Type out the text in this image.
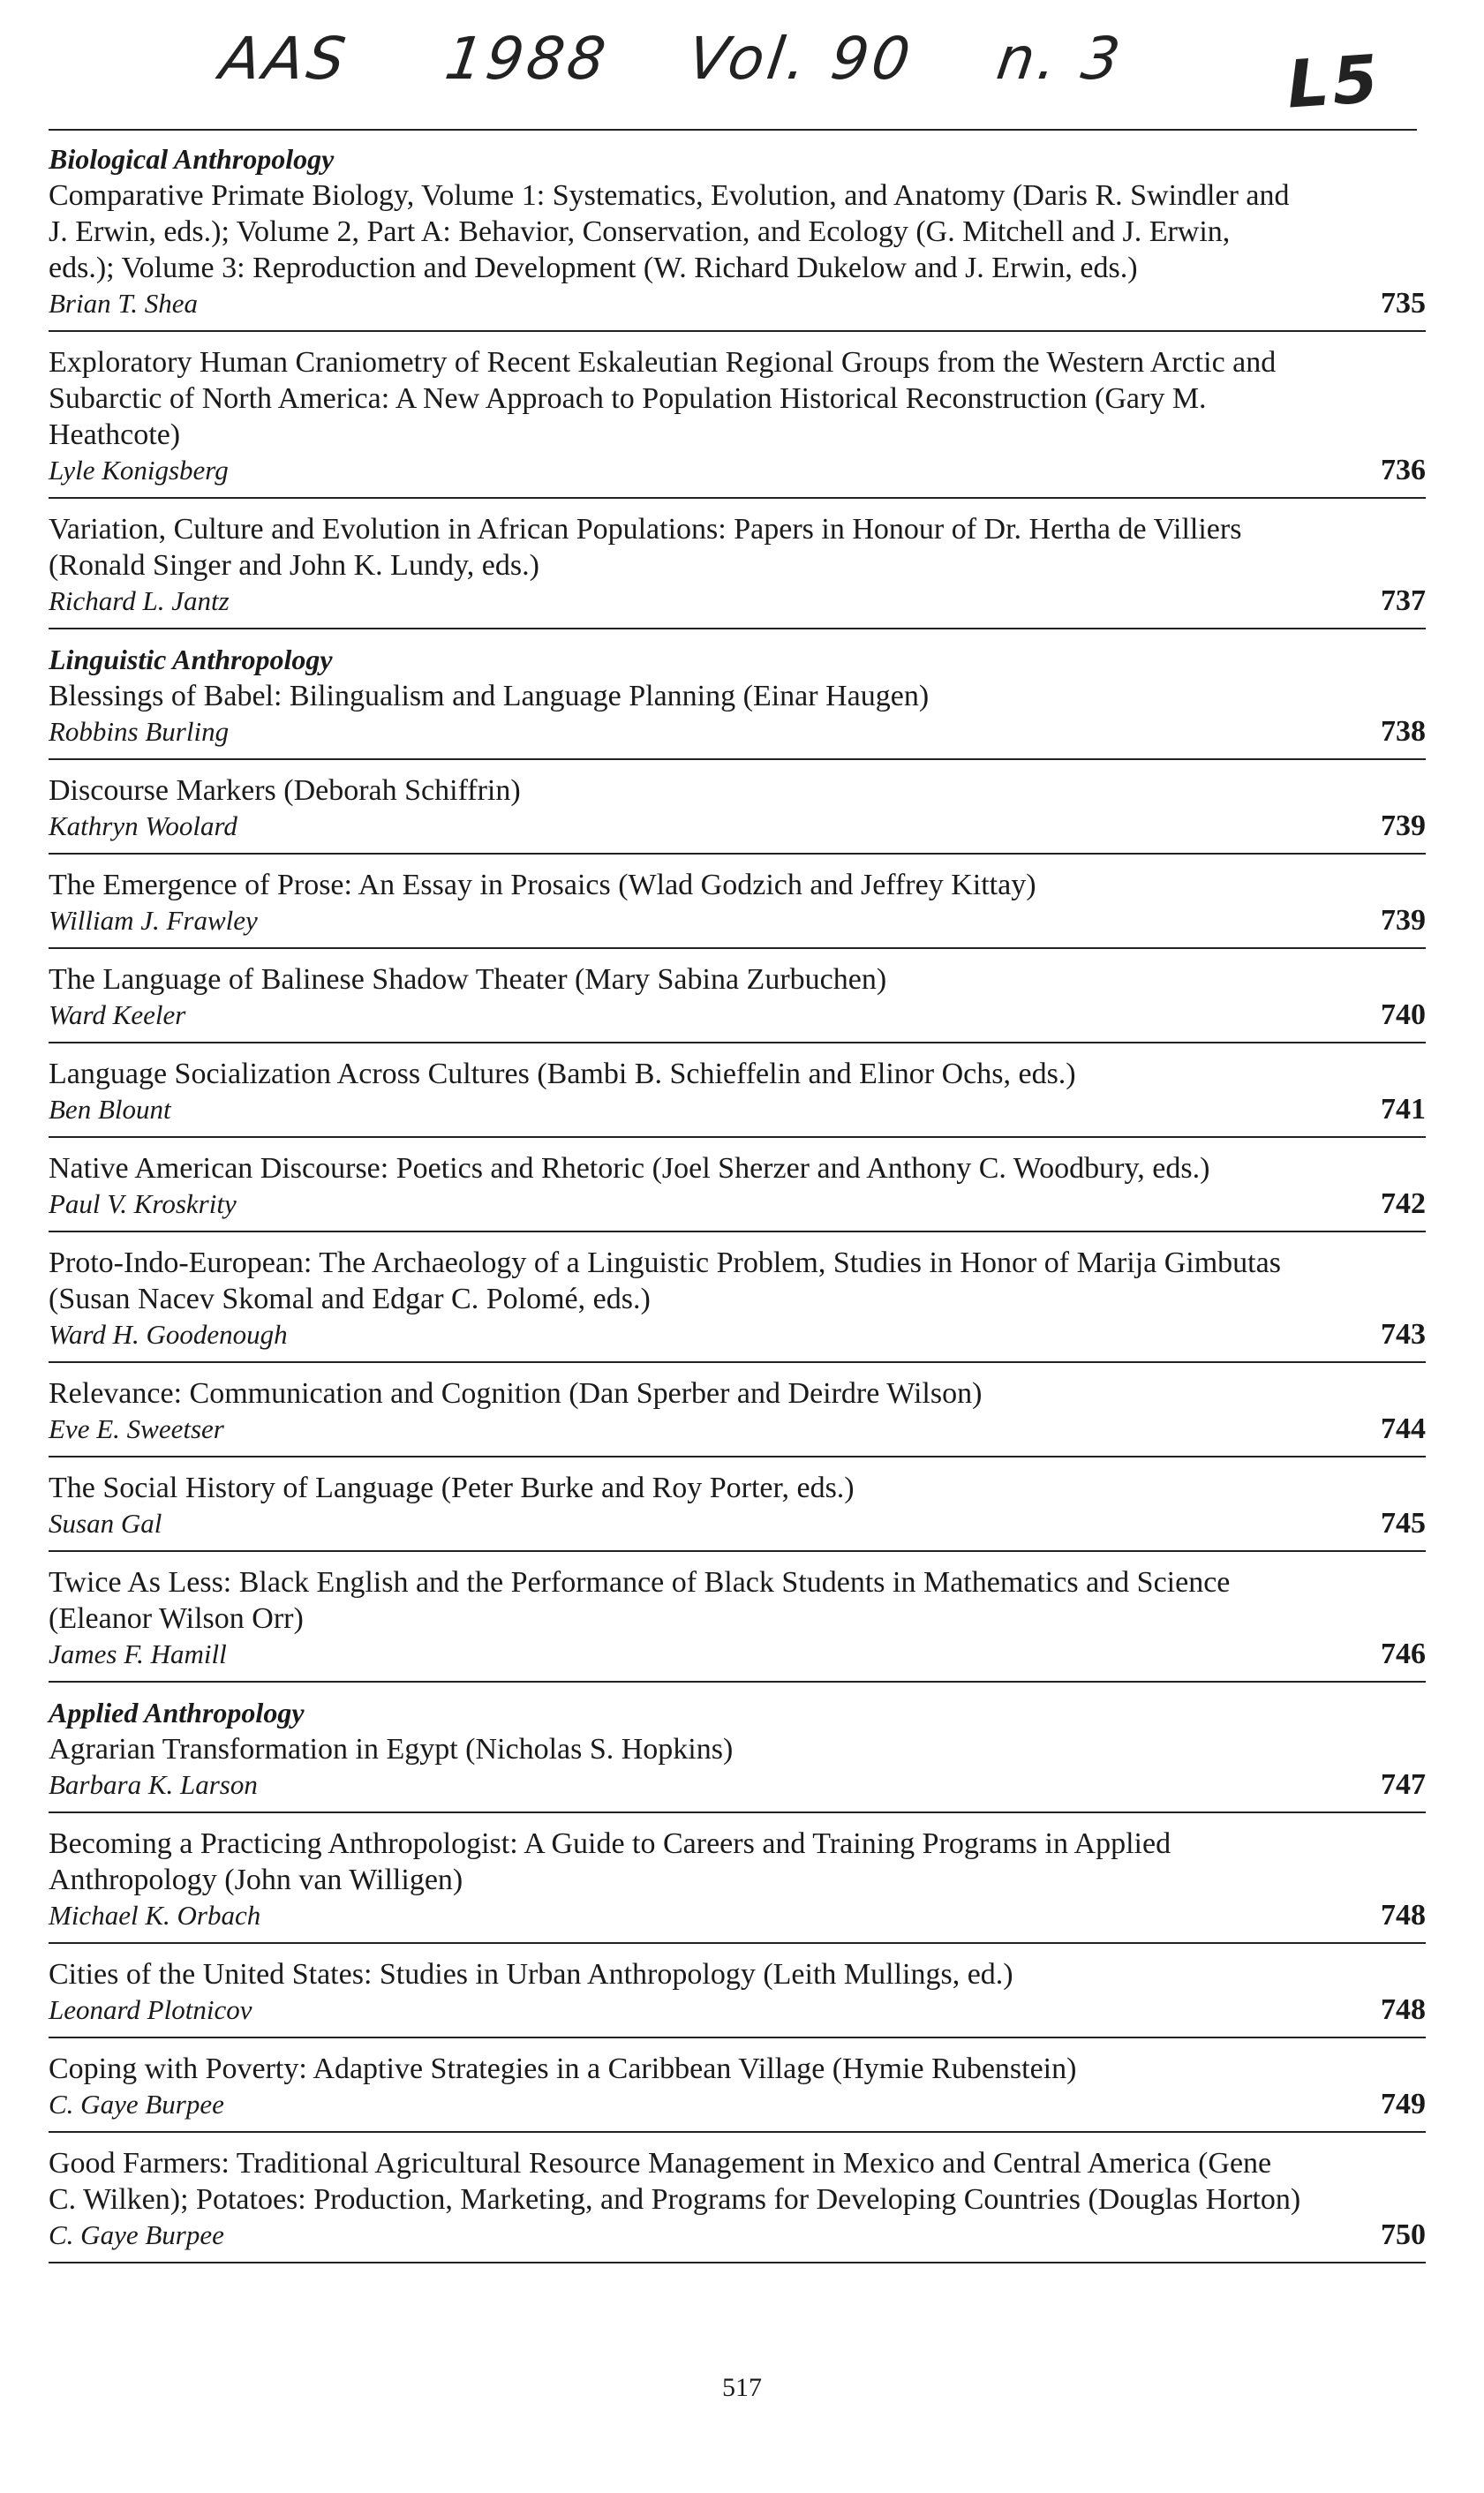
AAS 1988 Vol. 90 n. 3 L5
Biological Anthropology
Comparative Primate Biology, Volume 1: Systematics, Evolution, and Anatomy (Daris R. Swindler and J. Erwin, eds.); Volume 2, Part A: Behavior, Conservation, and Ecology (G. Mitchell and J. Erwin, eds.); Volume 3: Reproduction and Development (W. Richard Dukelow and J. Erwin, eds.)
Brian T. Shea	735
Exploratory Human Craniometry of Recent Eskaleutian Regional Groups from the Western Arctic and Subarctic of North America: A New Approach to Population Historical Reconstruction (Gary M. Heathcote)
Lyle Konigsberg	736
Variation, Culture and Evolution in African Populations: Papers in Honour of Dr. Hertha de Villiers (Ronald Singer and John K. Lundy, eds.)
Richard L. Jantz	737
Linguistic Anthropology
Blessings of Babel: Bilingualism and Language Planning (Einar Haugen)
Robbins Burling	738
Discourse Markers (Deborah Schiffrin)
Kathryn Woolard	739
The Emergence of Prose: An Essay in Prosaics (Wlad Godzich and Jeffrey Kittay)
William J. Frawley	739
The Language of Balinese Shadow Theater (Mary Sabina Zurbuchen)
Ward Keeler	740
Language Socialization Across Cultures (Bambi B. Schieffelin and Elinor Ochs, eds.)
Ben Blount	741
Native American Discourse: Poetics and Rhetoric (Joel Sherzer and Anthony C. Woodbury, eds.)
Paul V. Kroskrity	742
Proto-Indo-European: The Archaeology of a Linguistic Problem, Studies in Honor of Marija Gimbutas (Susan Nacev Skomal and Edgar C. Polomé, eds.)
Ward H. Goodenough	743
Relevance: Communication and Cognition (Dan Sperber and Deirdre Wilson)
Eve E. Sweetser	744
The Social History of Language (Peter Burke and Roy Porter, eds.)
Susan Gal	745
Twice As Less: Black English and the Performance of Black Students in Mathematics and Science (Eleanor Wilson Orr)
James F. Hamill	746
Applied Anthropology
Agrarian Transformation in Egypt (Nicholas S. Hopkins)
Barbara K. Larson	747
Becoming a Practicing Anthropologist: A Guide to Careers and Training Programs in Applied Anthropology (John van Willigen)
Michael K. Orbach	748
Cities of the United States: Studies in Urban Anthropology (Leith Mullings, ed.)
Leonard Plotnicov	748
Coping with Poverty: Adaptive Strategies in a Caribbean Village (Hymie Rubenstein)
C. Gaye Burpee	749
Good Farmers: Traditional Agricultural Resource Management in Mexico and Central America (Gene C. Wilken); Potatoes: Production, Marketing, and Programs for Developing Countries (Douglas Horton)
C. Gaye Burpee	750
517
